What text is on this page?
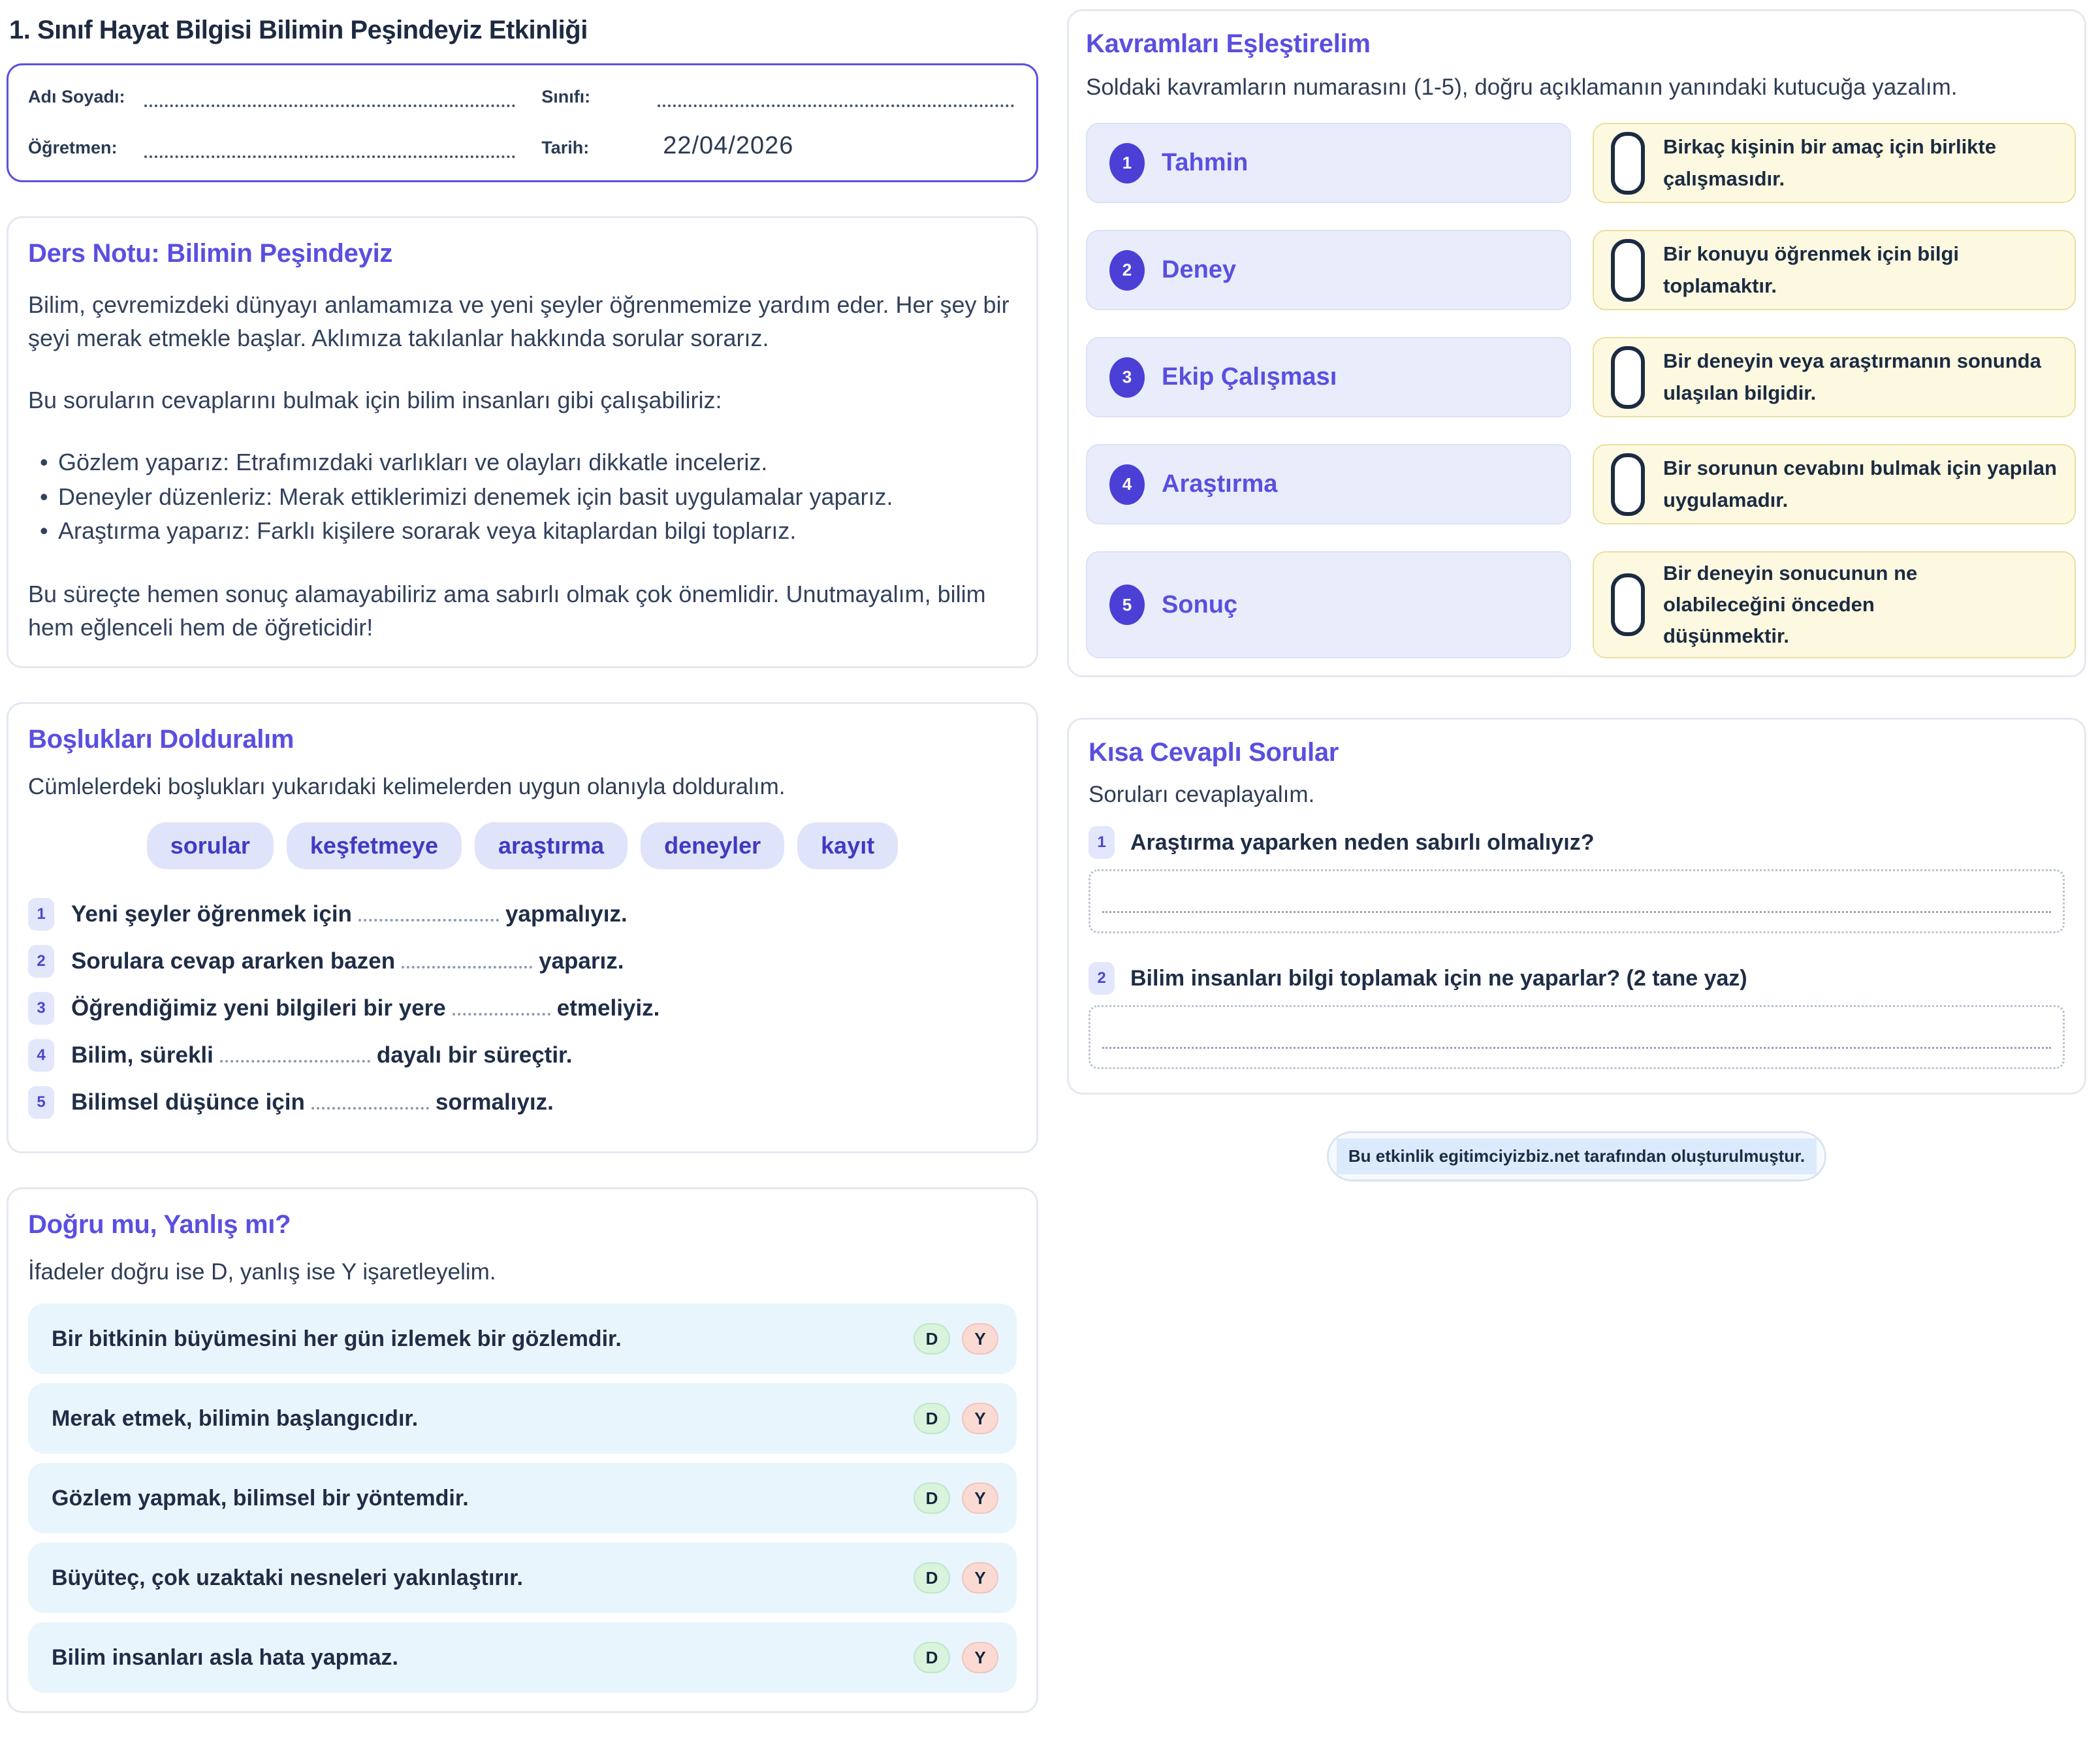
1. Sınıf Hayat Bilgisi Bilimin Peşindeyiz Etkinliği
Adı Soyadı:	Sınıfı:
Öğretmen:	Tarih:	22/04/2026
Ders Notu: Bilimin Peşindeyiz

Bilim, çevremizdeki dünyayı anlamamıza ve yeni şeyler öğrenmemize yardım eder. Her şey bir şeyi merak etmekle başlar. Aklımıza takılanlar hakkında sorular sorarız.

Bu soruların cevaplarını bulmak için bilim insanları gibi çalışabiliriz:

• Gözlem yaparız: Etrafımızdaki varlıkları ve olayları dikkatle inceleriz.
• Deneyler düzenleriz: Merak ettiklerimizi denemek için basit uygulamalar yaparız.
• Araştırma yaparız: Farklı kişilere sorarak veya kitaplardan bilgi toplarız.

Bu süreçte hemen sonuç alamayabiliriz ama sabırlı olmak çok önemlidir. Unutmayalım, bilim hem eğlenceli hem de öğreticidir!

Boşlukları Dolduralım

Cümlelerdeki boşlukları yukarıdaki kelimelerden uygun olanıyla dolduralım.

sorular	keşfetmeye	araştırma	deneyler	kayıt
1	Yeni şeyler öğrenmek için	yapmalıyız.
2	Sorulara cevap ararken bazen	yaparız.
3	Öğrendiğimiz yeni bilgileri bir yere	etmeliyiz.
4	Bilim, sürekli	dayalı bir süreçtir.
5	Bilimsel düşünce için	sormalıyız.
Doğru mu, Yanlış mı?

İfadeler doğru ise D, yanlış ise Y işaretleyelim.

Bir bitkinin büyümesini her gün izlemek bir gözlemdir.	D	Y
Merak etmek, bilimin başlangıcıdır.	D	Y
Gözlem yapmak, bilimsel bir yöntemdir.	D	Y
Büyüteç, çok uzaktaki nesneleri yakınlaştırır.	D	Y
Bilim insanları asla hata yapmaz.	D	Y
Kavramları Eşleştirelim

Soldaki kavramların numarasını (1-5), doğru açıklamanın yanındaki kutucuğa yazalım.

1	Tahmin
Birkaç kişinin bir amaç için birlikte çalışmasıdır.
2	Deney
Bir konuyu öğrenmek için bilgi toplamaktır.
3	Ekip Çalışması
Bir deneyin veya araştırmanın sonunda ulaşılan bilgidir.
4	Araştırma
Bir sorunun cevabını bulmak için yapılan uygulamadır.
5	Sonuç
Bir deneyin sonucunun ne olabileceğini önceden düşünmektir.
Kısa Cevaplı Sorular

Soruları cevaplayalım.

1	Araştırma yaparken neden sabırlı olmalıyız?
2	Bilim insanları bilgi toplamak için ne yaparlar? (2 tane yaz)
Bu etkinlik egitimciyizbiz.net tarafından oluşturulmuştur.
